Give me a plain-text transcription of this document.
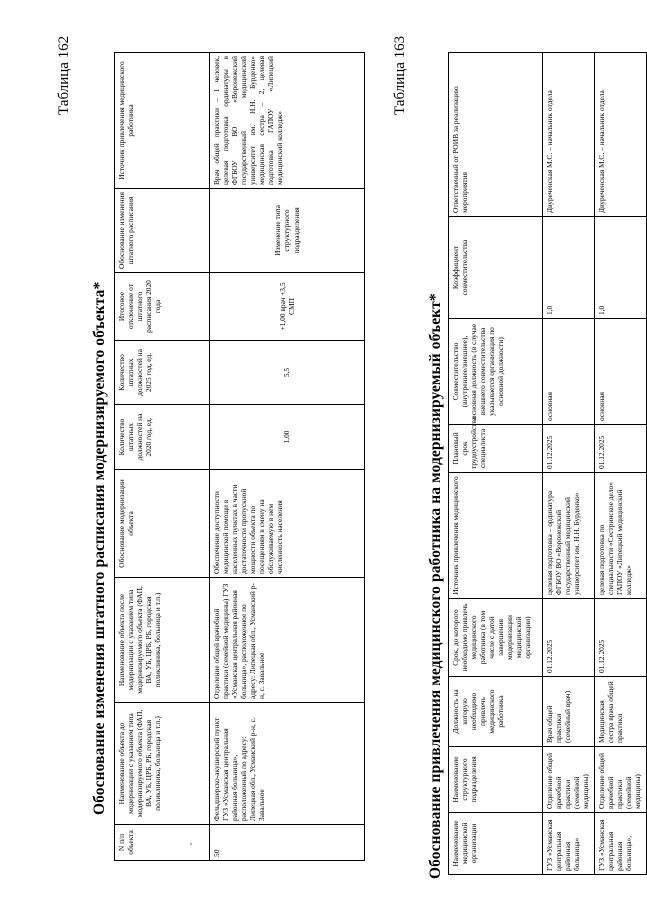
Таблица 162
Обоснование изменения штатного расписания модернизируемого объекта*
N п/п объекта	Наименование объекта до модернизации с указанием типа модернизируемого объекта (ФАП, ВА, УБ, ЦРБ, РБ, городская поликлиника, больница и т.п.)	Наименование объекта после модернизации с указанием типа модернизируемого объекта (ФАП, ВА, УБ, ЦРБ, РБ, городская поликлиника, больница и т.п.)	Обоснование модернизации объекта	Количество штатных должностей на 2020 год, ед.	Количество штатных должностей на 2025 год, ед.	Итоговое отклонение от штатного расписания 2020 года	Обоснование изменения штатного расписания	Источник привлечения медицинского работника
50	Фельдшерско-акушерский пункт ГУЗ «Усманская центральная районная больница», расположенный по адресу: Липецкая обл., Усманский р-н, с. Завальное	Отделение общей врачебной практики (семейной медицины) ГУЗ «Усманская центральная районная больница», расположенное по адресу: Липецкая обл., Усманский р-н, с. Завальное	Обеспечение доступности медицинской помощи в населенных пунктах в части достаточности пропускной мощности объекта по посещениям в смену на обслуживаемую в нем численность населения	1,00	5,5	+1,00 врач +3,5 СМП	Изменение типа структурного подразделения	Врач общей практики – 1 человек, целевая подготовка ординатуры в ФГБОУ ВО «Воронежский государственный медицинский университет им. Н.Н. Бурденко» медицинская сестра – 2, целевая подготовка ГАПОУ «Липецкий медицинский колледж»
Таблица 163
Обоснование привлечения медицинского работника на модернизируемый объект* Наименование медицинской организации	Наименование структурного подразделения	Должность на которую необходимо привлечь медицинского работника	Срок, до которого необходимо привлечь медицинского работника (в том числе с датой завершения модернизации медицинской организации)	Источник привлечения медицинского	Плановый срок трудоустройства специалиста	Совместительство (внутреннее/внешнее), основная должность (в случае внешнего совместительства указывается организация по основной должности)	Коэффициент совместительства	Ответственный от РОИВ за реализацию мероприятия
ГУЗ «Усманская центральная районная больница»	Отделение общей врачебной практики (семейной медицины)	Врач общей практики (семейный врач)	01.12.2025	целевая подготовка – ординатура ФГБОУ ВО «Воронежский государственный медицинский университет им. Н.Н. Бурденко»	01.12.2025	основная	1,0	Двуреченская М.С. – начальник отдела
ГУЗ «Усманская центральная районная больница»,	Отделение общей врачебной практики (семейной медицины)	Медицинская сестра врача общей практики	01.12.2025	целевая подготовка по специальности «Сестринское дело» ГАПОУ «Липецкий медицинский колледж»	01.12.2025	основная	1,0	Двуреченская М.С. – начальник отдела
